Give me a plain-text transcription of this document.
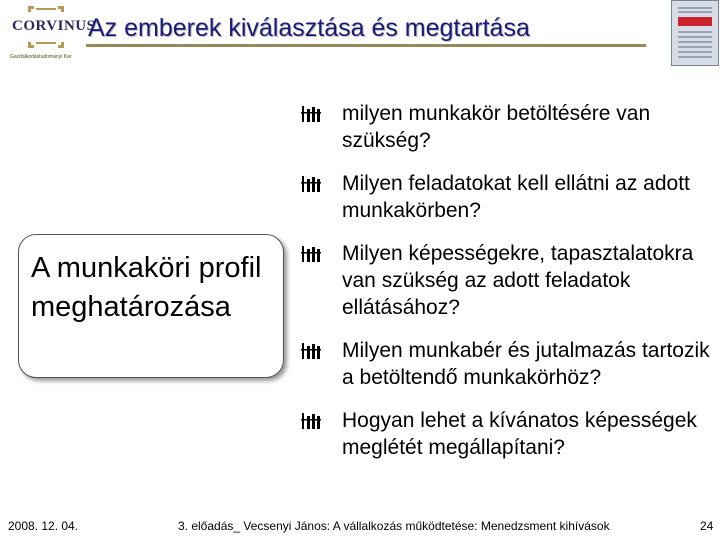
CORVINUS
Gazdálkodástudományi Kar
Az emberek kiválasztása és megtartása
A munkaköri profil meghatározása
milyen munkakör betöltésére van szükség?
Milyen feladatokat kell ellátni az adott munkakörben?
Milyen képességekre, tapasztalatokra van szükség az adott feladatok ellátásához?
Milyen munkabér és jutalmazás tartozik a betöltendő munkakörhöz?
Hogyan lehet a kívánatos képességek meglétét megállapítani?
2008. 12. 04.	3. előadás_ Vecsenyi János: A vállalkozás működtetése: Menedzsment kihívások	24
